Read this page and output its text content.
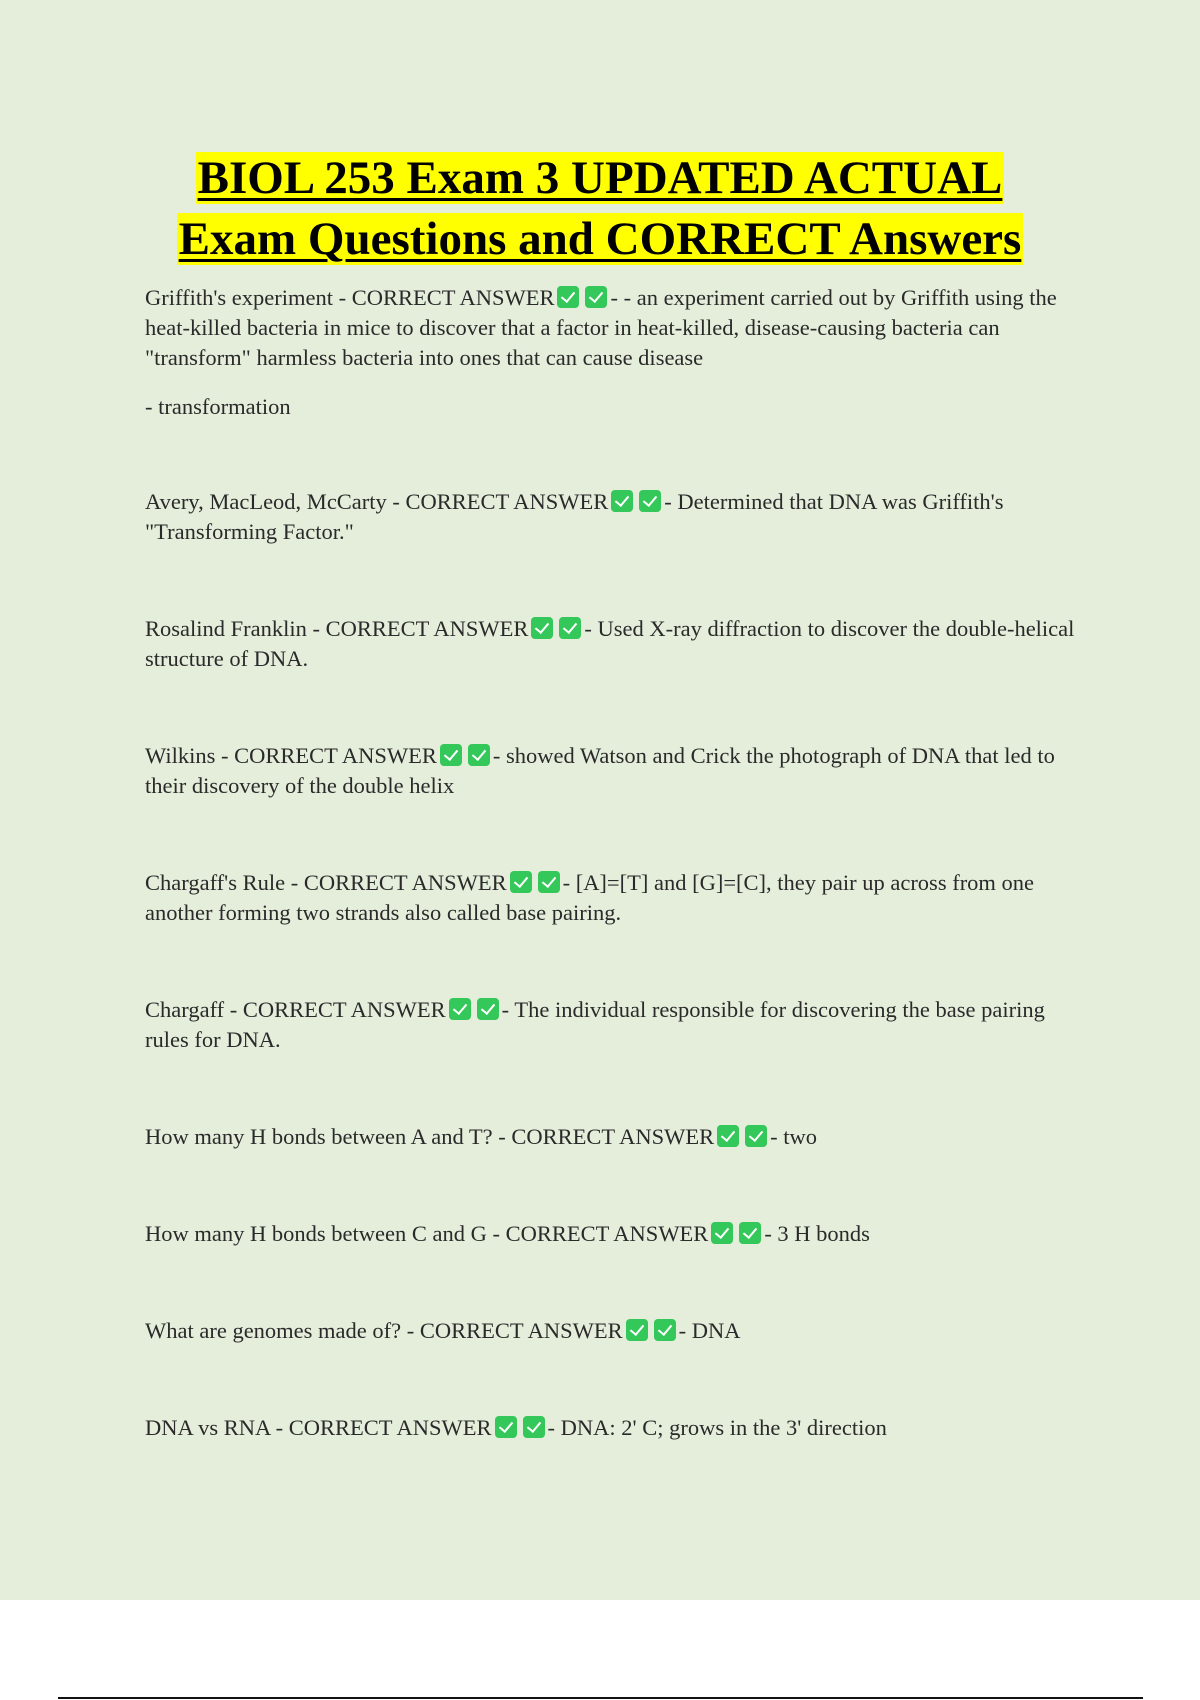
BIOL 253 Exam 3 UPDATED ACTUAL
Exam Questions and CORRECT Answers
Griffith's experiment - CORRECT ANSWER - - an experiment carried out by Griffith using the heat-killed bacteria in mice to discover that a factor in heat-killed, disease-causing bacteria can "transform" harmless bacteria into ones that can cause disease
- transformation
Avery, MacLeod, McCarty - CORRECT ANSWER - Determined that DNA was Griffith's "Transforming Factor."
Rosalind Franklin - CORRECT ANSWER - Used X-ray diffraction to discover the double-helical structure of DNA.
Wilkins - CORRECT ANSWER - showed Watson and Crick the photograph of DNA that led to their discovery of the double helix
Chargaff's Rule - CORRECT ANSWER - [A]=[T] and [G]=[C], they pair up across from one another forming two strands also called base pairing.
Chargaff - CORRECT ANSWER - The individual responsible for discovering the base pairing rules for DNA.
How many H bonds between A and T? - CORRECT ANSWER - two
How many H bonds between C and G - CORRECT ANSWER - 3 H bonds
What are genomes made of? - CORRECT ANSWER - DNA
DNA vs RNA - CORRECT ANSWER - DNA: 2' C; grows in the 3' direction
